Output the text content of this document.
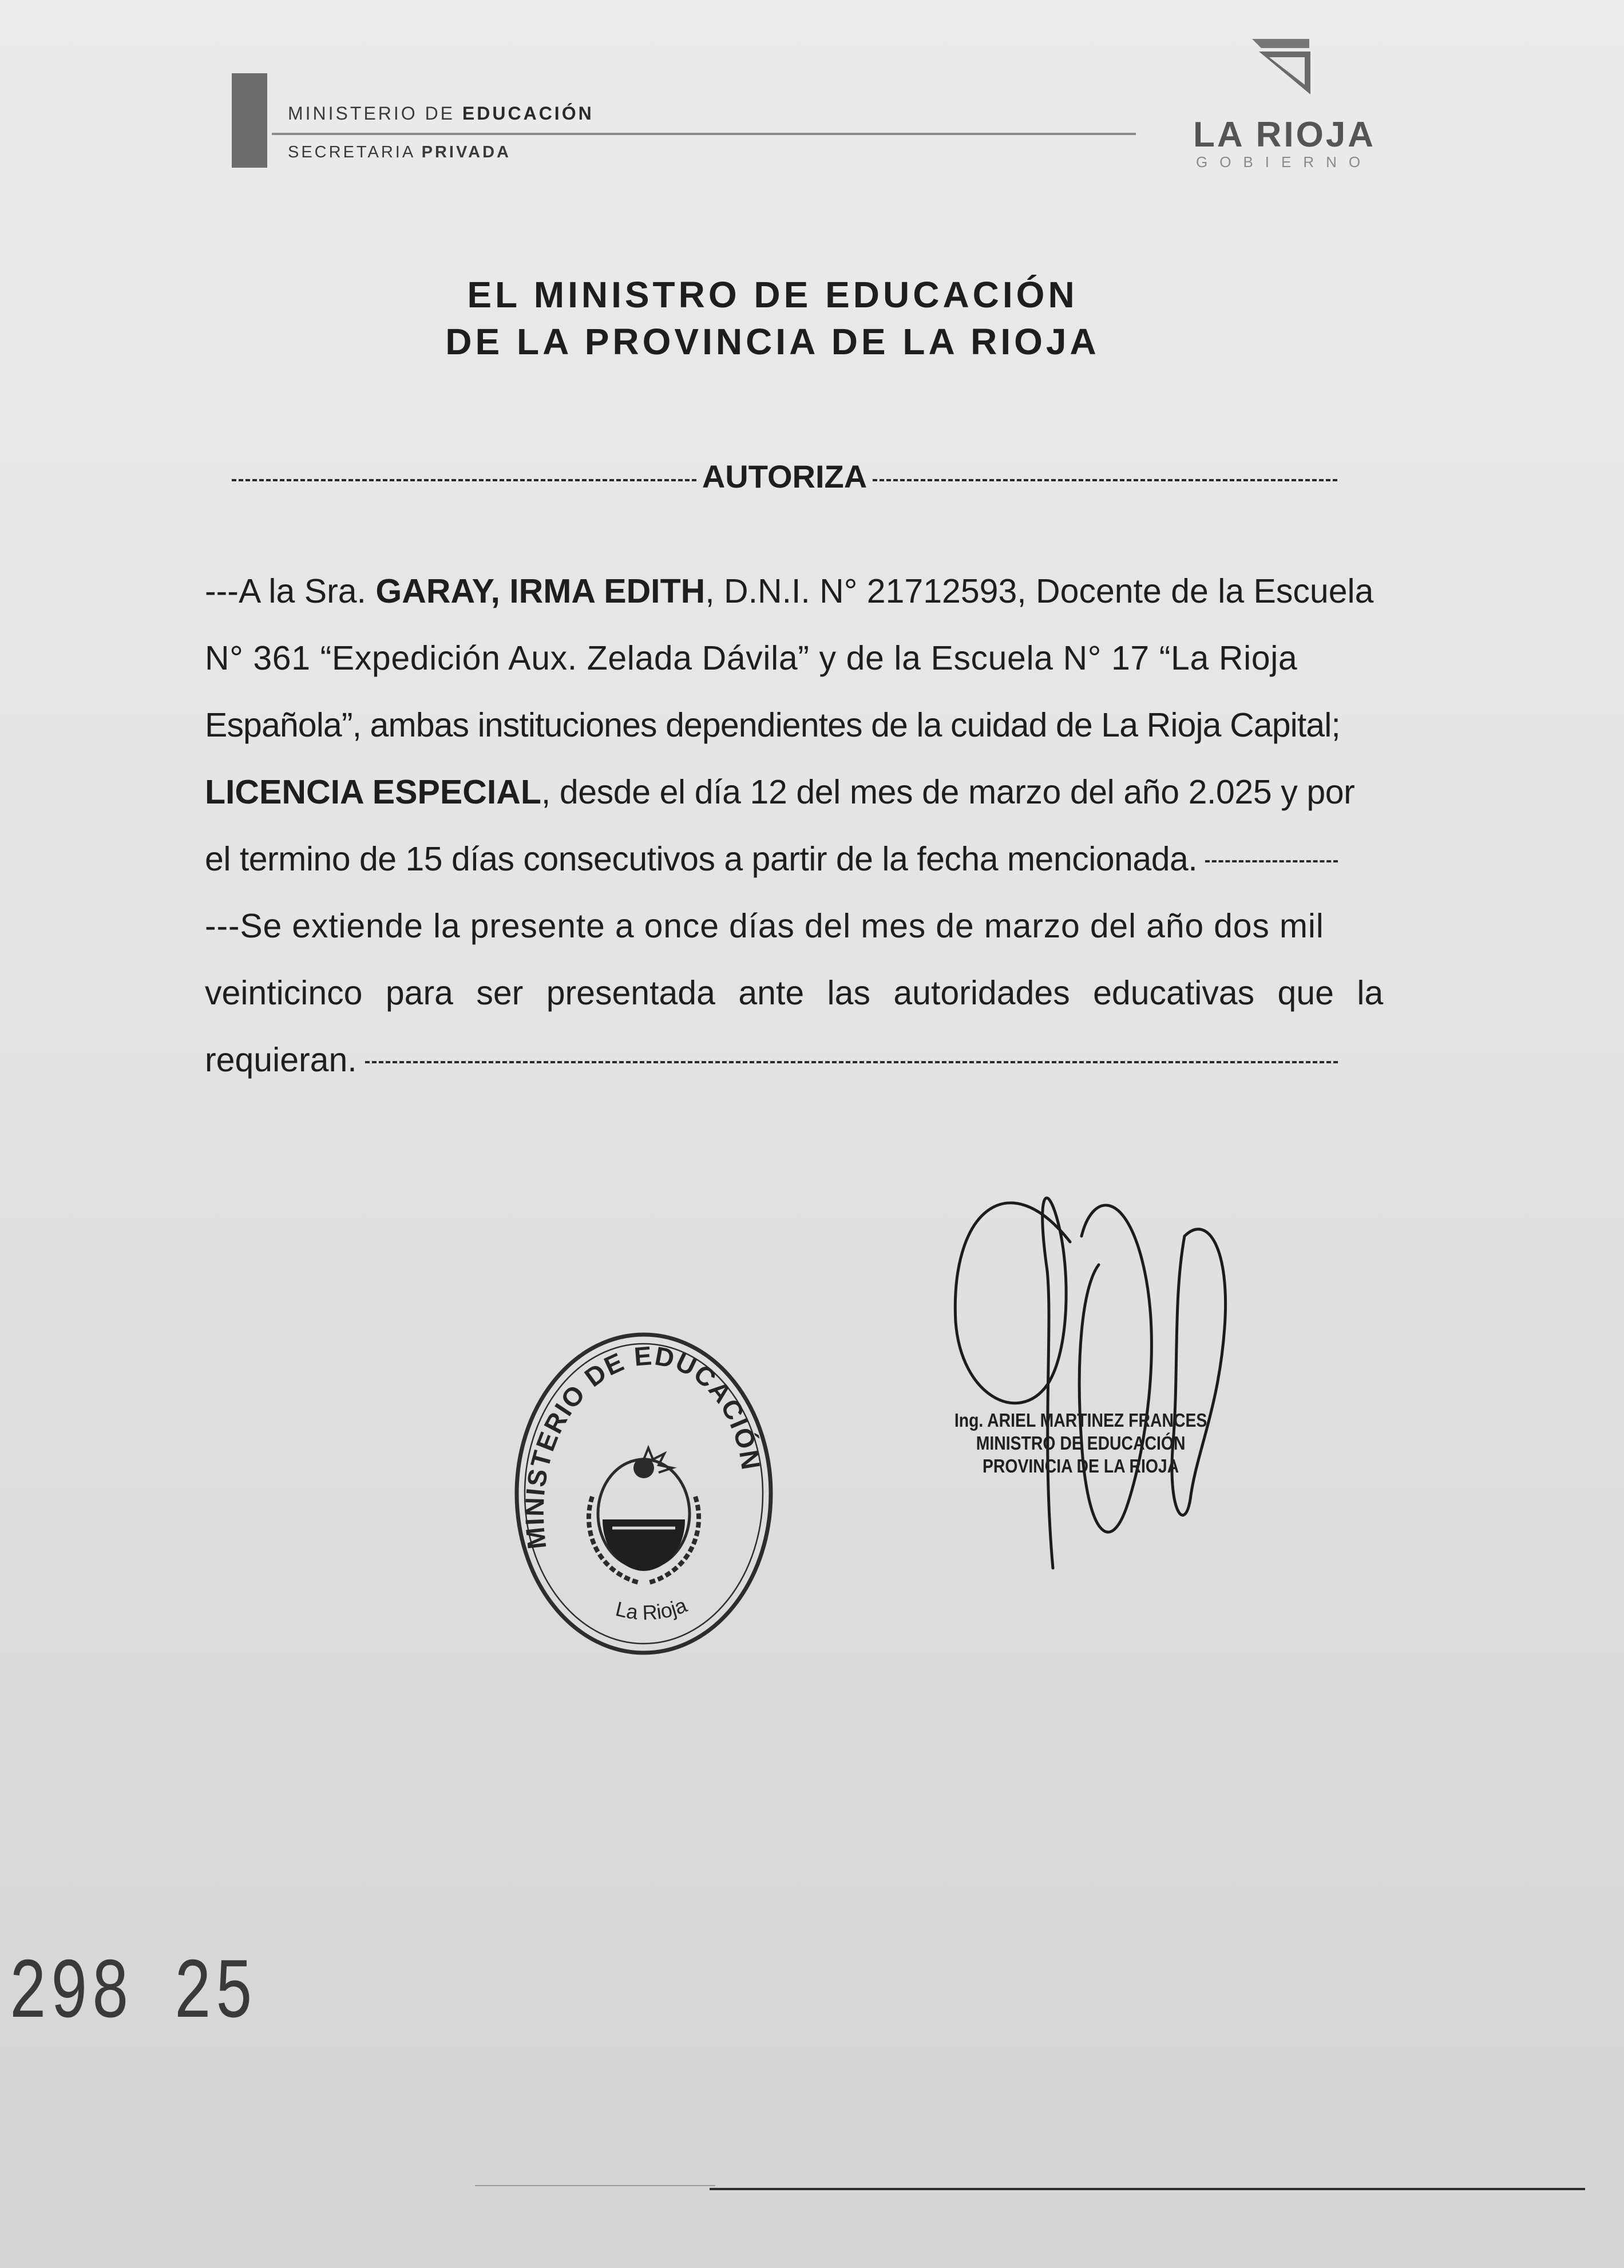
MINISTERIO DE EDUCACIÓN
SECRETARIA PRIVADA	LA RIOJA
GOBIERNO
EL MINISTRO DE EDUCACIÓN
DE LA PROVINCIA DE LA RIOJA
AUTORIZA
---A la Sra. GARAY, IRMA EDITH, D.N.I. N° 21712593, Docente de la Escuela
N° 361 “Expedición Aux. Zelada Dávila” y de la Escuela N° 17 “La Rioja
Española”, ambas instituciones dependientes de la cuidad de La Rioja Capital;
LICENCIA ESPECIAL , desde el día 12 del mes de marzo del año 2.025 y por
el termino de 15 días consecutivos a partir de la fecha mencionada.
---Se extiende la presente a once días del mes de marzo del año dos mil
veinticinco para ser presentada ante las autoridades educativas que la
requieran.
MINISTERIO DE EDUCACIÓN
La Rioja
Ing. ARIEL MARTINEZ FRANCES
MINISTRO DE EDUCACIÓN
PROVINCIA DE LA RIOJA
298 25
